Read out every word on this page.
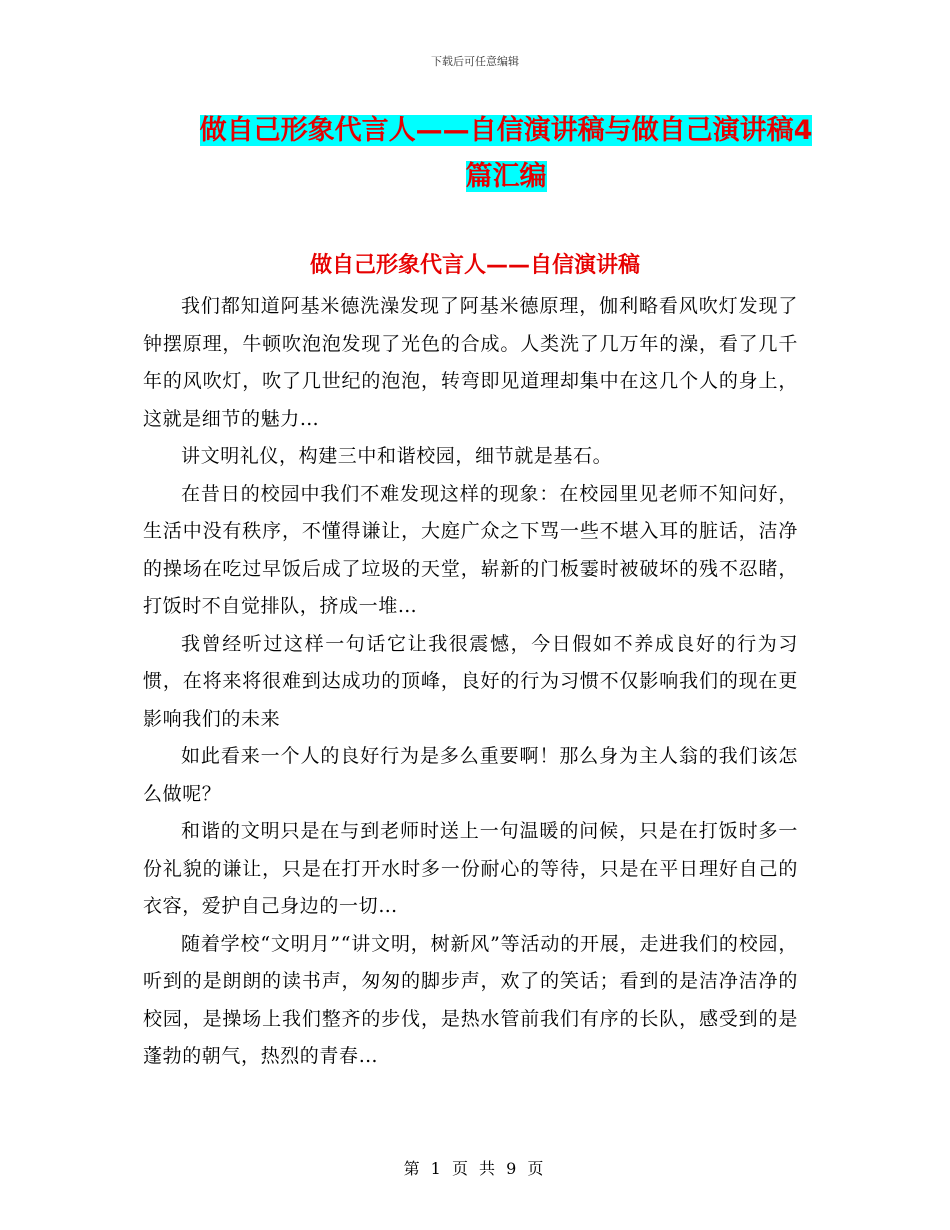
下载后可任意编辑
做自己形象代言人——自信演讲稿与做自己演讲稿4
篇汇编
做自己形象代言人——自信演讲稿

我们都知道阿基米德洗澡发现了阿基米德原理，伽利略看风吹灯发现了钟摆原理，牛顿吹泡泡发现了光色的合成。人类洗了几万年的澡，看了几千年的风吹灯，吹了几世纪的泡泡，转弯即见道理却集中在这几个人的身上，这就是细节的魅力…

讲文明礼仪，构建三中和谐校园，细节就是基石。

在昔日的校园中我们不难发现这样的现象：在校园里见老师不知问好，生活中没有秩序，不懂得谦让，大庭广众之下骂一些不堪入耳的脏话，洁净的操场在吃过早饭后成了垃圾的天堂，崭新的门板霎时被破坏的残不忍睹，打饭时不自觉排队，挤成一堆…

我曾经听过这样一句话它让我很震憾，今日假如不养成良好的行为习惯，在将来将很难到达成功的顶峰，良好的行为习惯不仅影响我们的现在更影响我们的未来

如此看来一个人的良好行为是多么重要啊！那么身为主人翁的我们该怎么做呢？

和谐的文明只是在与到老师时送上一句温暖的问候，只是在打饭时多一份礼貌的谦让，只是在打开水时多一份耐心的等待，只是在平日理好自己的衣容，爱护自己身边的一切…

随着学校“文明月”“讲文明，树新风”等活动的开展，走进我们的校园，听到的是朗朗的读书声，匆匆的脚步声，欢了的笑话；看到的是洁净洁净的校园，是操场上我们整齐的步伐，是热水管前我们有序的长队，感受到的是蓬勃的朝气，热烈的青春…

第 1 页 共 9 页
